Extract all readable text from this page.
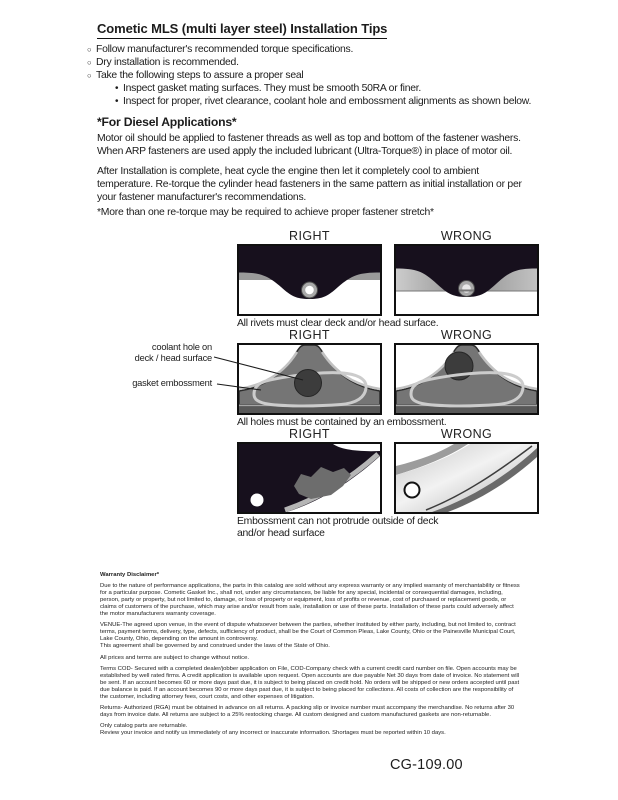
Cometic MLS (multi layer steel) Installation Tips
○ Follow manufacturer's recommended torque specifications.
○ Dry installation is recommended.
○ Take the following steps to assure a proper seal
• Inspect gasket mating surfaces. They must be smooth 50RA or finer.
• Inspect for proper, rivet clearance, coolant hole and embossment alignments as shown below.
*For Diesel Applications*

Motor oil should be applied to fastener threads as well as top and bottom of the fastener washers. When ARP fasteners are used apply the included lubricant (Ultra-Torque®) in place of motor oil.

After Installation is complete, heat cycle the engine then let it completely cool to ambient temperature. Re-torque the cylinder head fasteners in the same pattern as initial installation or per your fastener manufacturer's recommendations.

*More than one re-torque may be required to achieve proper fastener stretch*

RIGHT	WRONG
All rivets must clear deck and/or head surface.
RIGHT	WRONG
All holes must be contained by an embossment.
coolant hole on
deck / head surface
gasket embossment
RIGHT	WRONG
Embossment can not protrude outside of deck
and/or head surface

Warranty Disclaimer*

Due to the nature of performance applications, the parts in this catalog are sold without any express warranty or any implied warranty of merchantability or fitness for a particular purpose. Cometic Gasket Inc., shall not, under any circumstances, be liable for any special, incidental or consequential damages, including, person, party or property, but not limited to, damage, or loss of property or equipment, loss of profits or revenue, cost of purchased or replacement goods, or claims of customers of the purchase, which may arise and/or result from sale, installation or use of these parts. Installation of these parts could adversely affect the motor manufacturers warranty coverage.

VENUE-The agreed upon venue, in the event of dispute whatsoever between the parties, whether instituted by either party, including, but not limited to, contract terms, payment terms, delivery, type, defects, sufficiency of product, shall be the Court of Common Pleas, Lake County, Ohio or the Painesville Municipal Court, Lake County, Ohio, depending on the amount in controversy.

This agreement shall be governed by and construed under the laws of the State of Ohio.

All prices and terms are subject to change without notice.

Terms COD- Secured with a completed dealer/jobber application on File, COD-Company check with a current credit card number on file. Open accounts may be established by well rated firms. A credit application is available upon request. Open accounts are due payable Net 30 days from date of invoice. No statement will be sent. If an account becomes 60 or more days past due, it is subject to being placed on credit hold. No orders will be shipped or new orders accepted until past due balance is paid. If an account becomes 90 or more days past due, it is subject to being placed for collections. All costs of collection are the responsibility of the customer, including attorney fees, court costs, and other expenses of litigation.

Returns- Authorized (RGA) must be obtained in advance on all returns. A packing slip or invoice number must accompany the merchandise. No returns after 30 days from invoice date. All returns are subject to a 25% restocking charge. All custom designed and custom manufactured gaskets are non-returnable.

Only catalog parts are returnable.

Review your invoice and notify us immediately of any incorrect or inaccurate information. Shortages must be reported within 10 days.

CG-109.00
